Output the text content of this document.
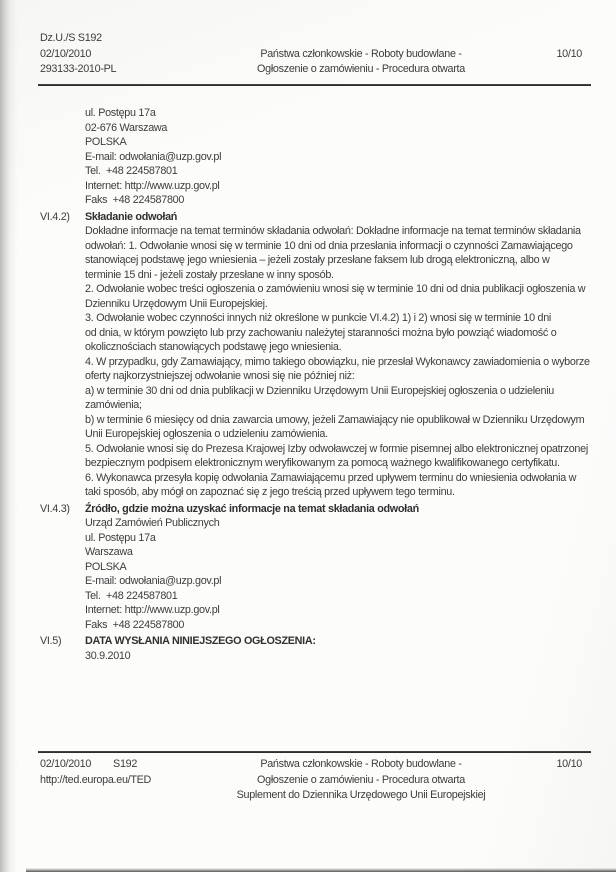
Dz.U./S S192
02/10/2010
293133-2010-PL
Państwa członkowskie - Roboty budowlane -
Ogłoszenie o zamówieniu - Procedura otwarta
10/10
ul. Postępu 17a
02-676 Warszawa
POLSKA
E-mail: odwołania@uzp.gov.pl
Tel.  +48 224587801
Internet: http://www.uzp.gov.pl
Faks  +48 224587800
VI.4.2)	Składanie odwołań
Dokładne informacje na temat terminów składania odwołań: Dokładne informacje na temat terminów składania
odwołań: 1. Odwołanie wnosi się w terminie 10 dni od dnia przesłania informacji o czynności Zamawiającego
stanowiącej podstawę jego wniesienia – jeżeli zostały przesłane faksem lub drogą elektroniczną, albo w
terminie 15 dni - jeżeli zostały przesłane w inny sposób.
2. Odwołanie wobec treści ogłoszenia o zamówieniu wnosi się w terminie 10 dni od dnia publikacji ogłoszenia w
Dzienniku Urzędowym Unii Europejskiej.
3. Odwołanie wobec czynności innych niż określone w punkcie VI.4.2) 1) i 2) wnosi się w terminie 10 dni
od dnia, w którym powzięto lub przy zachowaniu należytej staranności można było powziąć wiadomość o
okolicznościach stanowiących podstawę jego wniesienia.
4. W przypadku, gdy Zamawiający, mimo takiego obowiązku, nie przesłał Wykonawcy zawiadomienia o wyborze
oferty najkorzystniejszej odwołanie wnosi się nie później niż:
a) w terminie 30 dni od dnia publikacji w Dzienniku Urzędowym Unii Europejskiej ogłoszenia o udzieleniu
zamówienia;
b) w terminie 6 miesięcy od dnia zawarcia umowy, jeżeli Zamawiający nie opublikował w Dzienniku Urzędowym
Unii Europejskiej ogłoszenia o udzieleniu zamówienia.
5. Odwołanie wnosi się do Prezesa Krajowej Izby odwoławczej w formie pisemnej albo elektronicznej opatrzonej
bezpiecznym podpisem elektronicznym weryfikowanym za pomocą ważnego kwalifikowanego certyfikatu.
6. Wykonawca przesyła kopię odwołania Zamawiającemu przed upływem terminu do wniesienia odwołania w
taki sposób, aby mógł on zapoznać się z jego treścią przed upływem tego terminu.
VI.4.3)	Źródło, gdzie można uzyskać informacje na temat składania odwołań
Urząd Zamówień Publicznych
ul. Postępu 17a
Warszawa
POLSKA
E-mail: odwołania@uzp.gov.pl
Tel.  +48 224587801
Internet: http://www.uzp.gov.pl
Faks  +48 224587800
VI.5)	DATA WYSŁANIA NINIEJSZEGO OGŁOSZENIA:
30.9.2010
02/10/2010 S192
http://ted.europa.eu/TED
Państwa członkowskie - Roboty budowlane -
Ogłoszenie o zamówieniu - Procedura otwarta
Suplement do Dziennika Urzędowego Unii Europejskiej
10/10
